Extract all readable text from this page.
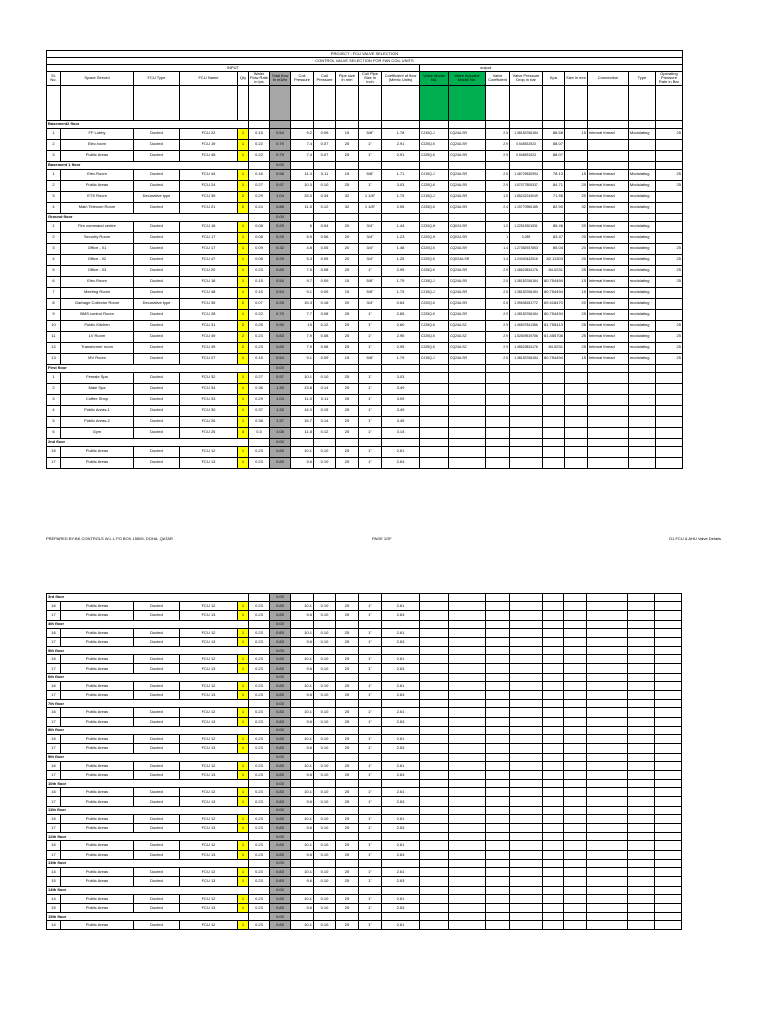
PROJECT : FCU VALVE SELECTION																				
CONTROL VALVE SELECTION FOR FAN COIL UNITS																				
INPUT												output								
Sl. No.	Space Served	FCU Type	FCU Name	Qty	Water Flow Rate in lps	Total flow in m3/hr	Coil Pressure	Coil Pressure	Pipe size in mm	Coil Pipe Size in inch	Coefficient of flow (Metric Units)	Valve Model No.	Valve Actuator Model No.	Valve Coefficient	Valve Pressure Drop in bar	Kpa	Size in mm	Connection	Type	Operating Pressure Rate in Bar

Basement2 floor																				
1	FF Lobby	Ducted	FCU 22	1	0.15	0.54	9.2	0.09	15	5/8"	1.78	C215Q-J	CQ24A-SR	2.5	1.38183766184	88.58	15	Internal thread	Modulating	25
2	Elec.room	Ducted	FCU 19	1	0.22	0.79	7.4	0.07	25	1"	2.91	C225Q-K	CQ24A-SR	2.9	0.546531923	88.07				
3	Public Areas	Ducted	FCU 45	1	0.22	0.79	7.4	0.07	25	1"	2.91	C225Q-K	CQ24A-SR	2.9	0.546531923	88.07				
Basement 1 floor						0.00														
1	Elec.Room	Ducted	FCU 44	1	0.16	0.58	11.4	0.11	15	5/8"	1.71	C215Q-J	CQ24A-SR	2.5	1.48729530994	78.13	15	Internal thread	Modulating	25
2	Public Areas	Ducted	FCU 24	1	0.27	0.97	10.3	0.10	25	1"	3.03	C225Q-K	CQ24A-SR	2.9	1.57077805337	84.71	20	Internal thread	Modulating	25
3	ETS Room	Decorative type	FCU 39	2	0.29	1.04	33.0	0.34	32	1 1/8"	1.79	C215Q-J	CQ24A-SR	1.5	1.85242243049	71.55	20	Internal thread	modulating	
4	Main Telecom Room	Ducted	FCU 21	2	0.24	0.86	11.5	0.12	32	1 1/8"	2.55	C225Q-K	CQ24A-SR	2.4	1.15770960185	82.90	32	Internal thread	modulating	
Ground floor						0.00														
1	Fire command centre	Ducted	FCU 16	1	0.08	0.29	6	0.04	20	3/4"	1.44	C220Q-H	CQK24-SR	1.0	1.22515301531	85.46	20	Internal thread	modulating	
2	Security Room	Ducted	FCU 17	1	0.08	0.29	5.5	0.06	20	3/4"	1.23	C220Q-H	CQK24-SR	1	0.289	83.47	20	Internal thread	modulating	
3	Office - 01	Ducted	FCU 17	1	0.09	0.32	4.8	0.05	20	3/4"	1.48	C220Q-K	CQ24A-SR	1.4	1.27382937853	85.04	20	Internal thread	modulating	25
4	Office - 02	Ducted	FCU 47	1	0.08	0.29	5.3	0.05	20	3/4"	1.25	C220Q-K	CQK24A-SR	1.4	1.24340442516	82.11303	20	Internal thread	modulating	25
5	Office - 03	Ducted	FCU 20	1	0.23	0.83	7.5	0.08	25	1"	2.95	C225Q-K	CQ24A-SR	2.9	1.48623834176	84.0231	25	Internal thread	modulating	25
6	Elec.Room	Ducted	FCU 18	1	0.15	0.54	9.7	0.09	15	5/8"	1.79	C215Q-J	CQ24A-SR	2.5	1.38183766184	80.754494	15	Internal thread	modulating	25
7	Meeting Room	Ducted	FCU 48	1	0.15	0.54	9.1	0.09	15	5/8"	1.79	C215Q-J	CQ24A-SR	2.5	1.38183766184	80.754494	15	Internal thread	modulating	
8	Garbage Collector Room	Decorative type	FCU 35	2	0.07	0.25	15.3	0.16	20	3/4"	0.64	C220Q-K	CQ24A-SR	0.5	1.39638181772	69.418470	20	Internal thread	modulating	
9	BMS control Room	Ducted	FCU 28	1	0.22	0.79	7.7	0.08	25	1"	2.85	C225Q-K	CQ24A-SR	2.9	1.38183766184	80.754494	25	Internal thread	modulating	
10	Public Kitchen	Ducted	FCU 31	2	0.25	0.90	15	0.12	25	1"	2.60	C225Q-K	CQ24A-SZ	2.9	1.46507841386	81.755413	25	Internal thread	modulating	25
11	LV Room	Ducted	FCU 49	2	0.23	0.83	7.9	0.08	25	1"	2.95	C225Q-K	CQ24A-SZ	2.9	1.52849519756	81.455708	25	Internal thread	modulating	25
12	Transformer room	Ducted	FCU 49	2	0.23	0.83	7.9	0.08	25	1"	2.95	C225Q-K	CQ24A-SZ	2.9	1.48623834176	84.0231	25	Internal thread	modulating	25
13	MV Room	Ducted	FCU 27	1	0.15	0.54	9.1	0.09	15	5/8"	1.79	C215Q-J	CQ24A-SR	2.5	1.38183766184	80.754494	15	Internal thread	modulating	25
First floor						0.00														
1	Female Spa	Ducted	FCU 32	1	0.27	0.97	10.1	0.10	25	1"	3.03									
2	Male Spa	Ducted	FCU 34	1	0.36	1.30	13.8	0.14	25	1"	3.49									
3	Coffee Shop	Ducted	FCU 33	1	0.29	1.04	11.0	0.11	25	1"	3.09									
4	Public Areas-1	Ducted	FCU 30	1	0.37	1.33	14.0	0.15	25	1"	3.49									
5	Public Areas-2	Ducted	FCU 26	1	0.38	1.37	15.7	0.14	25	1"	3.45									
6	Gym	Ducted	FCU 25	4	0.3	1.08	11.8	0.12	25	1"	3.14									
2nd floor						0.00														
16	Public Areas	Ducted	FCU 12	1	0.23	0.83	10.1	0.10	25	1"	2.61									
17	Public Areas	Ducted	FCU 13	1	0.23	0.83	9.6	0.10	25	1"	2.63									
PREPARED BY:BK CONTROLS W.L.L PO BOX 15505, DOHA, QATAR	PAGE 1OF	D1.FCU & AHU Valve Details
3rd floor						0.00														
16	Public Areas	Ducted	FCU 12	1	0.23	0.83	10.1	0.10	25	1"	2.61									
17	Public Areas	Ducted	FCU 13	1	0.23	0.83	9.6	0.10	25	1"	2.63									
4th floor						0.00														
16	Public Areas	Ducted	FCU 12	1	0.23	0.83	10.1	0.10	25	1"	2.61									
17	Public Areas	Ducted	FCU 13	1	0.23	0.83	9.6	0.10	25	1"	2.63									
5th floor						0.00														
16	Public Areas	Ducted	FCU 12	1	0.23	0.83	10.1	0.10	25	1"	2.61									
17	Public Areas	Ducted	FCU 13	1	0.23	0.83	9.6	0.10	25	1"	2.63									
6th floor						0.00														
16	Public Areas	Ducted	FCU 12	1	0.23	0.83	10.1	0.10	25	1"	2.61									
17	Public Areas	Ducted	FCU 13	1	0.23	0.83	9.6	0.10	25	1"	2.63									
7th floor						0.00														
16	Public Areas	Ducted	FCU 12	1	0.23	0.83	10.1	0.10	25	1"	2.61									
17	Public Areas	Ducted	FCU 13	1	0.23	0.83	9.6	0.10	25	1"	2.63									
8th floor						0.00														
16	Public Areas	Ducted	FCU 12	1	0.23	0.83	10.1	0.10	25	1"	2.61									
17	Public Areas	Ducted	FCU 13	1	0.23	0.83	9.6	0.10	25	1"	2.63									
9th floor						0.00														
16	Public Areas	Ducted	FCU 12	1	0.23	0.83	10.1	0.10	25	1"	2.61									
17	Public Areas	Ducted	FCU 13	1	0.23	0.83	9.6	0.10	25	1"	2.63									
10th floor						0.00														
16	Public Areas	Ducted	FCU 12	1	0.23	0.83	10.1	0.10	25	1"	2.61									
17	Public Areas	Ducted	FCU 13	1	0.23	0.83	9.6	0.10	25	1"	2.63									
11th floor						0.00														
16	Public Areas	Ducted	FCU 12	1	0.23	0.83	10.1	0.10	25	1"	2.61									
17	Public Areas	Ducted	FCU 13	1	0.23	0.83	9.6	0.10	25	1"	2.63									
12th floor						0.00														
16	Public Areas	Ducted	FCU 12	1	0.23	0.83	10.1	0.10	25	1"	2.61									
17	Public Areas	Ducted	FCU 13	1	0.23	0.83	9.6	0.10	25	1"	2.63									
13th floor						0.00														
14	Public Areas	Ducted	FCU 12	1	0.23	0.83	10.1	0.10	25	1"	2.61									
15	Public Areas	Ducted	FCU 13	1	0.23	0.83	9.6	0.10	25	1"	2.63									
14th floor						0.00														
14	Public Areas	Ducted	FCU 12	1	0.23	0.83	10.1	0.10	25	1"	2.61									
15	Public Areas	Ducted	FCU 13	1	0.23	0.83	9.6	0.10	25	1"	2.63									
15th floor						0.00														
14	Public Areas	Ducted	FCU 12	1	0.23	0.83	10.1	0.10	25	1"	2.61									
